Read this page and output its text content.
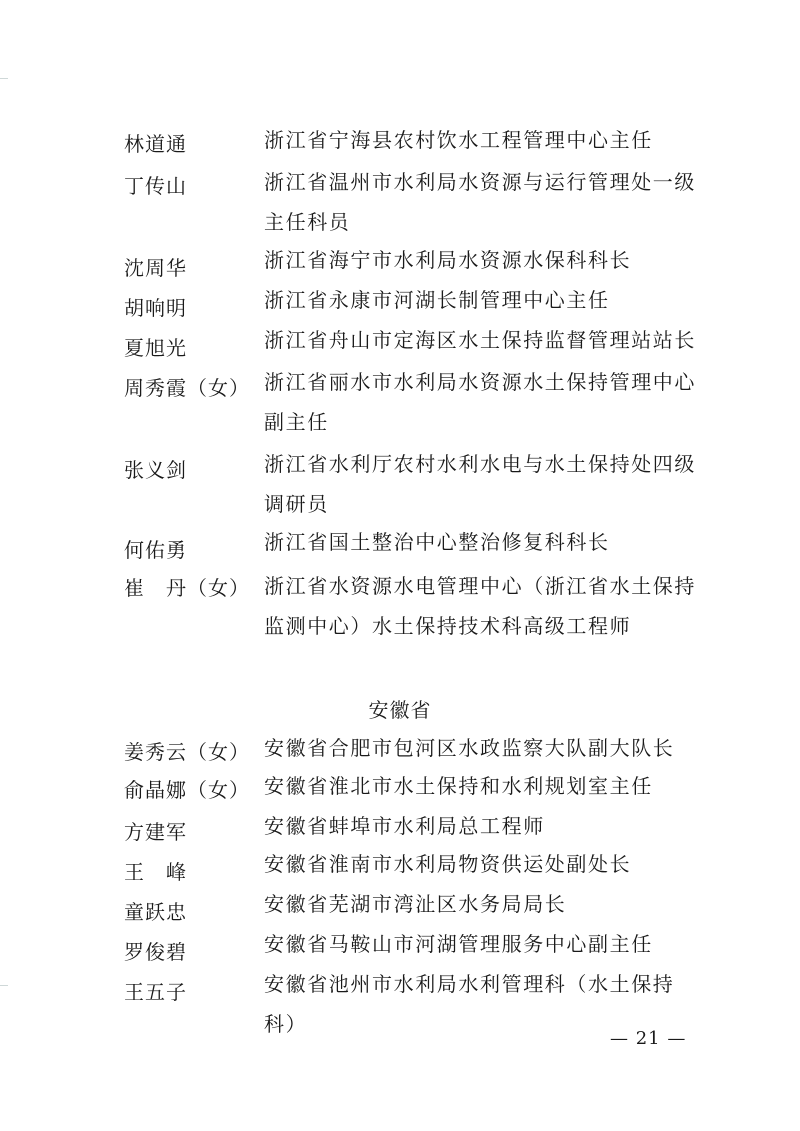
林道通	浙江省宁海县农村饮水工程管理中心主任
丁传山	浙江省温州市水利局水资源与运行管理处一级主任科员
沈周华	浙江省海宁市水利局水资源水保科科长
胡响明	浙江省永康市河湖长制管理中心主任
夏旭光	浙江省舟山市定海区水土保持监督管理站站长
周秀霞（女） 浙江省丽水市水利局水资源水土保持管理中心副主任
张义剑	浙江省水利厅农村水利水电与水土保持处四级调研员
何佑勇	浙江省国土整治中心整治修复科科长
崔　丹（女） 浙江省水资源水电管理中心（浙江省水土保持监测中心）水土保持技术科高级工程师
安徽省
姜秀云（女） 安徽省合肥市包河区水政监察大队副大队长
俞晶娜（女） 安徽省淮北市水土保持和水利规划室主任
方建军	安徽省蚌埠市水利局总工程师
王　峰	安徽省淮南市水利局物资供运处副处长
童跃忠	安徽省芜湖市湾沚区水务局局长
罗俊碧	安徽省马鞍山市河湖管理服务中心副主任
王五子	安徽省池州市水利局水利管理科（水土保持科）
— 21 —
